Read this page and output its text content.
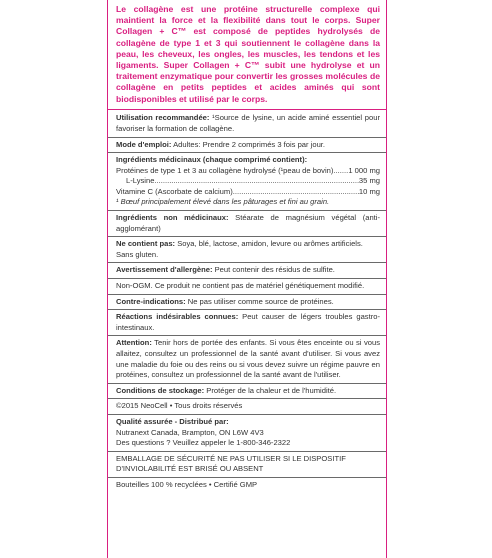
Le collagène est une protéine structurelle complexe qui maintient la force et la flexibilité dans tout le corps. Super Collagen + C™ est composé de peptides hydrolysés de collagène de type 1 et 3 qui soutiennent le collagène dans la peau, les cheveux, les ongles, les muscles, les tendons et les ligaments. Super Collagen + C™ subit une hydrolyse et un traitement enzymatique pour convertir les grosses molécules de collagène en petits peptides et acides aminés qui sont biodisponibles et utilisé par le corps.
Utilisation recommandée: ¹Source de lysine, un acide aminé essentiel pour favoriser la formation de collagène.
Mode d'emploi: Adultes: Prendre 2 comprimés 3 fois par jour.
Ingrédients médicinaux (chaque comprimé contient):
Protéines de type 1 et 3 au collagène hydrolysé (¹peau de bovin).. ..... 1 000 mg
L-Lysine .....	35 mg
Vitamine C (Ascorbate de calcium) .....	10 mg
¹ Bœuf principalement élevé dans les pâturages et fini au grain.
Ingrédients non médicinaux: Stéarate de magnésium végétal (anti-agglomérant)
Ne contient pas: Soya, blé, lactose, amidon, levure ou arômes artificiels. Sans gluten.
Avertissement d'allergène: Peut contenir des résidus de sulfite.
Non-OGM. Ce produit ne contient pas de matériel génétiquement modifié.
Contre-indications: Ne pas utiliser comme source de protéines.
Réactions indésirables connues: Peut causer de légers troubles gastro-intestinaux.
Attention: Tenir hors de portée des enfants. Si vous êtes enceinte ou si vous allaitez, consultez un professionnel de la santé avant d'utiliser. Si vous avez une maladie du foie ou des reins ou si vous devez suivre un régime pauvre en protéines, consultez un professionnel de la santé avant de l'utiliser.
Conditions de stockage: Protéger de la chaleur et de l'humidité.
©2015 NeoCell • Tous droits réservés
Qualité assurée - Distribué par:
Nutranext Canada, Brampton, ON L6W 4V3
Des questions ? Veuillez appeler le 1-800-346-2322
EMBALLAGE DE SÉCURITÉ NE PAS UTILISER SI LE DISPOSITIF D'INVIOLABILITÉ EST BRISÉ OU ABSENT
Bouteilles 100 % recyclées • Certifié GMP
